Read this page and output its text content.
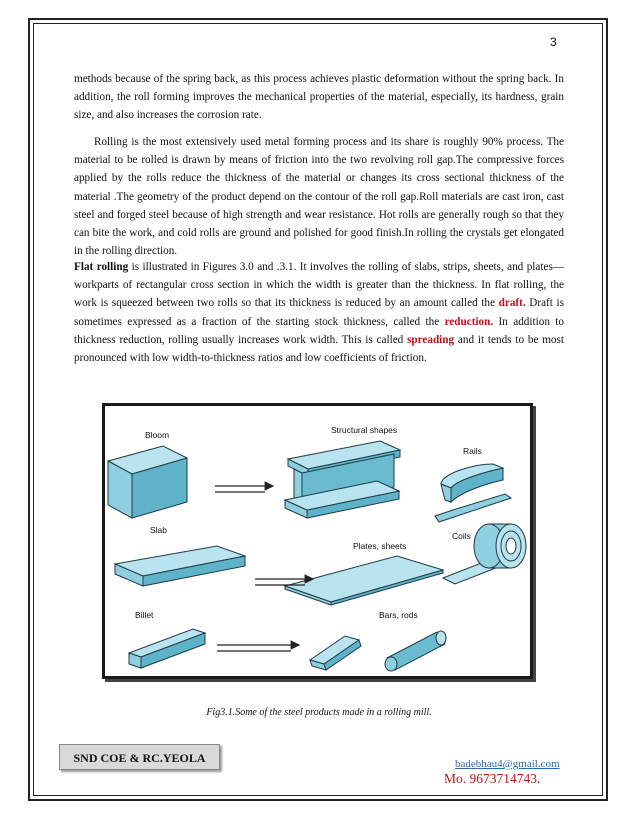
3

methods because of the spring back, as this process achieves plastic deformation without the spring back. In addition, the roll forming improves the mechanical properties of the material, especially, its hardness, grain size, and also increases the corrosion rate.

Rolling is the most extensively used metal forming process and its share is roughly 90% process. The material to be rolled is drawn by means of friction into the two revolving roll gap.The compressive forces applied by the rolls reduce the thickness of the material or changes its cross sectional thickness of the material .The geometry of the product depend on the contour of the roll gap.Roll materials are cast iron, cast steel and forged steel because of high strength and wear resistance. Hot rolls are generally rough so that they can bite the work, and cold rolls are ground and polished for good finish.In rolling the crystals get elongated in the rolling direction.

Flat rolling is illustrated in Figures 3.0 and .3.1. It involves the rolling of slabs, strips, sheets, and plates—workparts of rectangular cross section in which the width is greater than the thickness. In flat rolling, the work is squeezed between two rolls so that its thickness is reduced by an amount called the draft. Draft is sometimes expressed as a fraction of the starting stock thickness, called the reduction. In addition to thickness reduction, rolling usually increases work width. This is called spreading and it tends to be most pronounced with low width-to-thickness ratios and low coefficients of friction.

Bloom	Structural shapes
Rails
Slab
Plates, sheets
Coils
Billet	Bars, rods
Fig3.1.Some of the steel products made in a rolling mill.
SND COE & RC.YEOLA	badebhau4@gmail.com
Mo. 9673714743.
